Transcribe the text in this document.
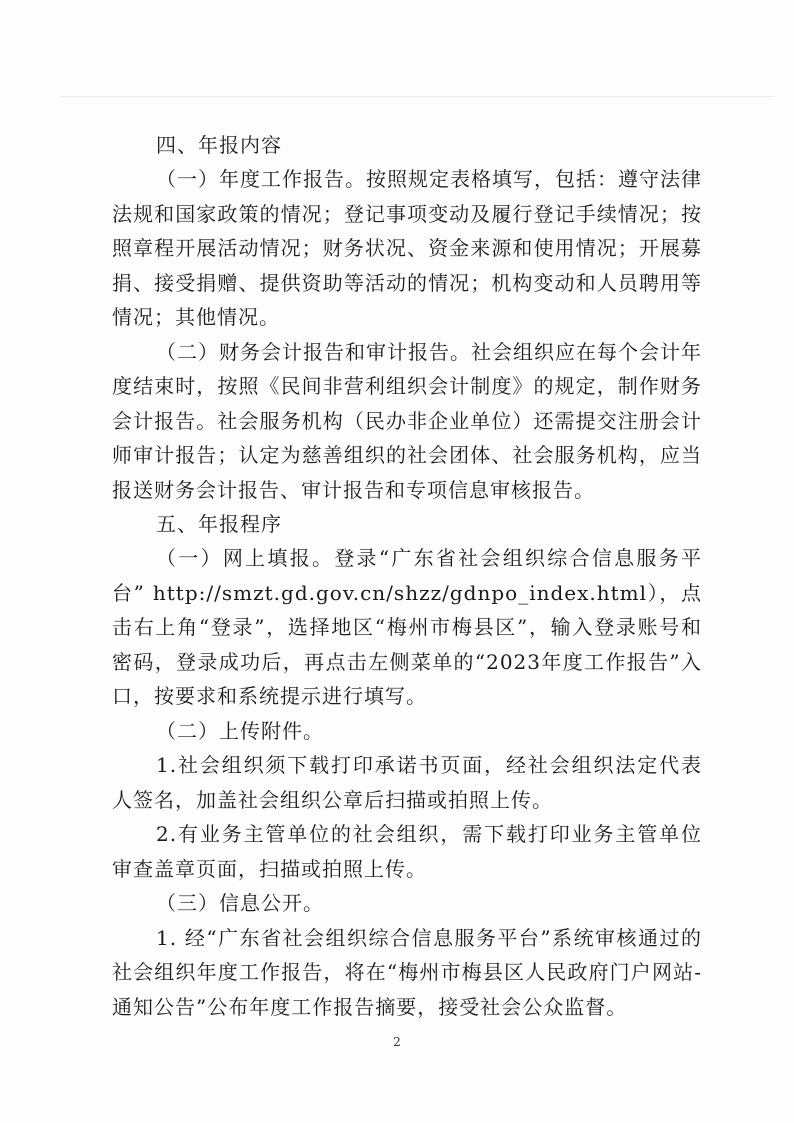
四、年报内容

（一）年度工作报告。按照规定表格填写，包括：遵守法律法规和国家政策的情况；登记事项变动及履行登记手续情况；按照章程开展活动情况；财务状况、资金来源和使用情况；开展募捐、接受捐赠、提供资助等活动的情况；机构变动和人员聘用等情况；其他情况。

（二）财务会计报告和审计报告。社会组织应在每个会计年度结束时，按照《民间非营利组织会计制度》的规定，制作财务会计报告。社会服务机构（民办非企业单位）还需提交注册会计师审计报告；认定为慈善组织的社会团体、社会服务机构，应当报送财务会计报告、审计报告和专项信息审核报告。

五、年报程序

（一）网上填报。登录“广东省社会组织综合信息服务平台” http://smzt.gd.gov.cn/shzz/gdnpo_index.html），点击右上角“登录”，选择地区“梅州市梅县区”，输入登录账号和密码，登录成功后，再点击左侧菜单的“2023年度工作报告”入口，按要求和系统提示进行填写。

（二）上传附件。

1.社会组织须下载打印承诺书页面，经社会组织法定代表人签名，加盖社会组织公章后扫描或拍照上传。

2.有业务主管单位的社会组织，需下载打印业务主管单位审查盖章页面，扫描或拍照上传。

（三）信息公开。

1. 经“广东省社会组织综合信息服务平台”系统审核通过的社会组织年度工作报告，将在“梅州市梅县区人民政府门户网站-通知公告”公布年度工作报告摘要，接受社会公众监督。

2
